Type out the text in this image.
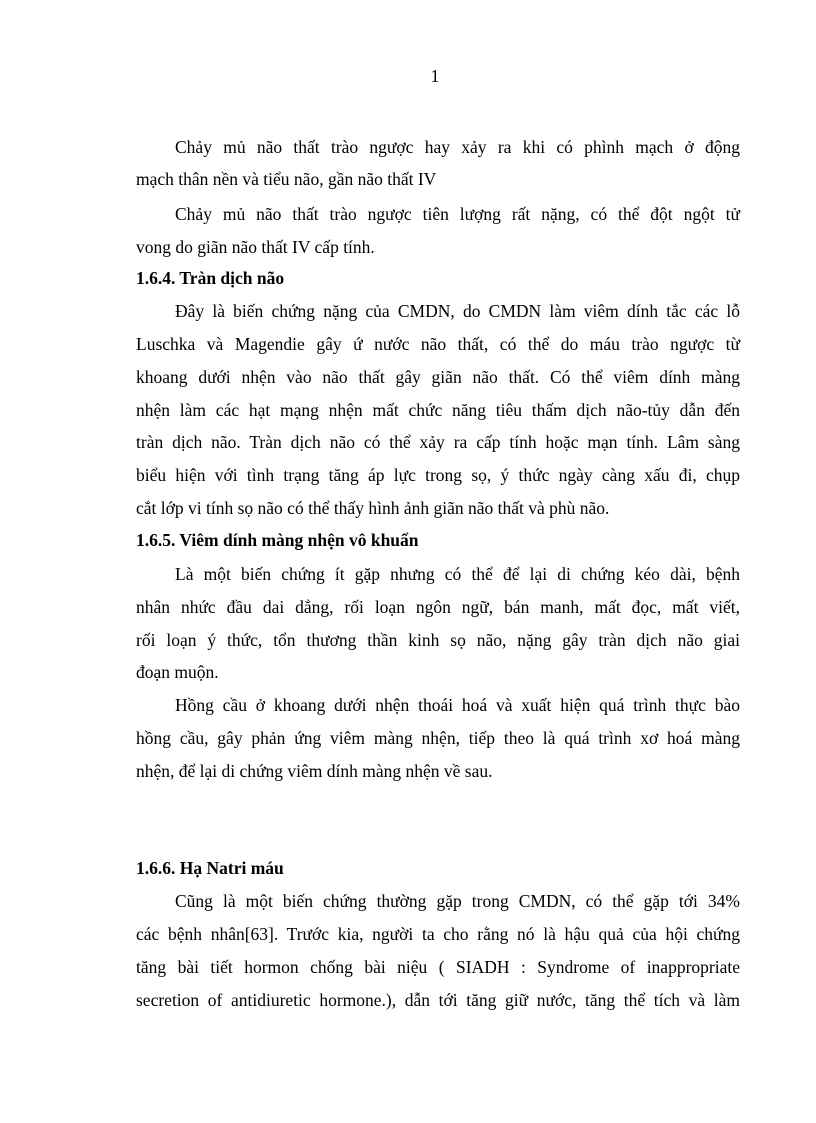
1
Chảy mủ não thất trào ngược hay xảy ra khi có phình mạch ở động
mạch thân nền và tiểu não, gần não thất IV
Chảy mủ não thất trào ngược tiên lượng rất nặng, có thể đột ngột tử
vong do giãn não thất IV cấp tính.
1.6.4. Tràn dịch não
Đây là biến chứng nặng của CMDN, do CMDN làm viêm dính tắc các lỗ
Luschka và Magendie gây ứ nước não thất, có thể do máu trào ngược từ
khoang dưới nhện vào não thất gây giãn não thất. Có thể viêm dính màng
nhện làm các hạt mạng nhện mất chức năng tiêu thấm dịch não-tủy dẫn đến
tràn dịch não. Tràn dịch não có thể xảy ra cấp tính hoặc mạn tính. Lâm sàng
biểu hiện với tình trạng tăng áp lực trong sọ, ý thức ngày càng xấu đi, chụp
cắt lớp vi tính sọ não có thể thấy hình ảnh giãn não thất và phù não.
1.6.5. Viêm dính màng nhện vô khuẩn
Là một biến chứng ít gặp nhưng có thể để lại di chứng kéo dài, bệnh
nhân nhức đầu dai dẳng, rối loạn ngôn ngữ, bán manh, mất đọc, mất viết,
rối loạn ý thức, tổn thương thần kinh sọ não, nặng gây tràn dịch não giai
đoạn muộn.
Hồng cầu ở khoang dưới nhện thoái hoá và xuất hiện quá trình thực bào
hồng cầu, gây phản ứng viêm màng nhện, tiếp theo là quá trình xơ hoá màng
nhện, để lại di chứng viêm dính màng nhện về sau.
1.6.6. Hạ Natri máu
Cũng là một biến chứng thường gặp trong CMDN, có thể gặp tới 34%
các bệnh nhân[63]. Trước kia, người ta cho rằng nó là hậu quả của hội chứng
tăng bài tiết hormon chống bài niệu ( SIADH : Syndrome of inappropriate
secretion of antidiuretic hormone.), dẫn tới tăng giữ nước, tăng thể tích và làm
